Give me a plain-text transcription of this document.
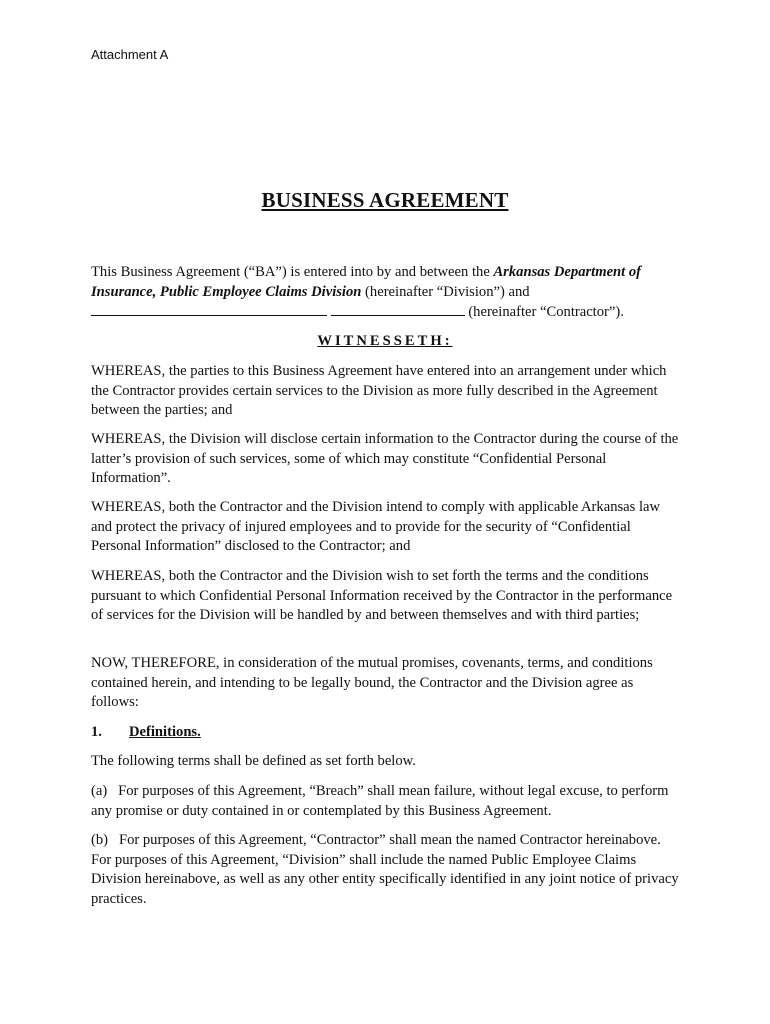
Attachment A
BUSINESS AGREEMENT

This Business Agreement (“BA”) is entered into by and between the Arkansas Department of Insurance, Public Employee Claims Division (hereinafter “Division”) and

(hereinafter “Contractor”).

WITNESSETH:
WHEREAS, the parties to this Business Agreement have entered into an arrangement under which the Contractor provides certain services to the Division as more fully described in the Agreement between the parties; and
WHEREAS, the Division will disclose certain information to the Contractor during the course of the latter’s provision of such services, some of which may constitute “Confidential Personal Information”.
WHEREAS, both the Contractor and the Division intend to comply with applicable Arkansas law and protect the privacy of injured employees and to provide for the security of “Confidential Personal Information” disclosed to the Contractor; and
WHEREAS, both the Contractor and the Division wish to set forth the terms and the conditions pursuant to which Confidential Personal Information received by the Contractor in the performance of services for the Division will be handled by and between themselves and with third parties;
NOW, THEREFORE, in consideration of the mutual promises, covenants, terms, and conditions contained herein, and intending to be legally bound, the Contractor and the Division agree as follows:
1. Definitions.
The following terms shall be defined as set forth below.
(a)   For purposes of this Agreement, “Breach” shall mean failure, without legal excuse, to perform any promise or duty contained in or contemplated by this Business Agreement.
(b)   For purposes of this Agreement, “Contractor” shall mean the named Contractor hereinabove.  For purposes of this Agreement, “Division” shall include the named Public Employee Claims Division hereinabove, as well as any other entity specifically identified in any joint notice of privacy practices.
